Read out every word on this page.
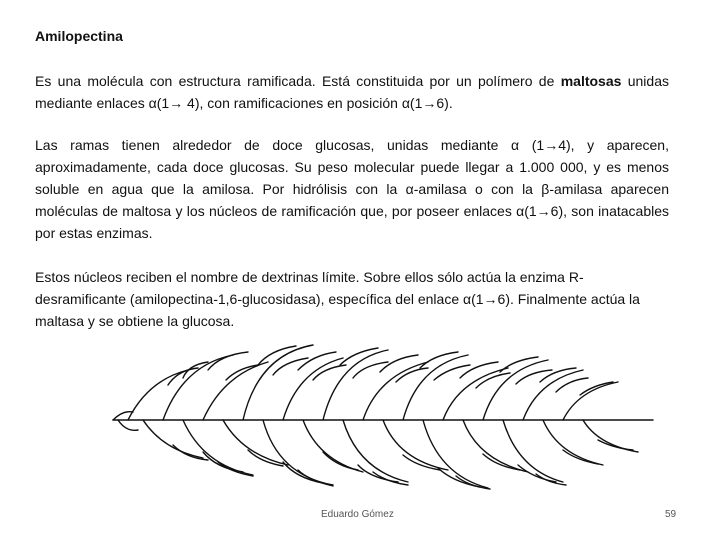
Amilopectina
Es una molécula con estructura ramificada. Está constituida por un polímero de maltosas unidas mediante enlaces α(1→ 4), con ramificaciones en posición α(1→6).
Las ramas tienen alrededor de doce glucosas, unidas mediante α (1→4), y aparecen, aproximadamente, cada doce glucosas. Su peso molecular puede llegar a 1.000 000, y es menos soluble en agua que la amilosa. Por hidrólisis con la α-amilasa o con la β-amilasa aparecen moléculas de maltosa y los núcleos de ramificación que, por poseer enlaces α(1→6), son inatacables por estas enzimas.
Estos núcleos reciben el nombre de dextrinas límite. Sobre ellos sólo actúa la enzima R-desramificante (amilopectina-1,6-glucosidasa), específica del enlace α(1→6). Finalmente actúa la maltasa y se obtiene la glucosa.
Eduardo Gómez	59
